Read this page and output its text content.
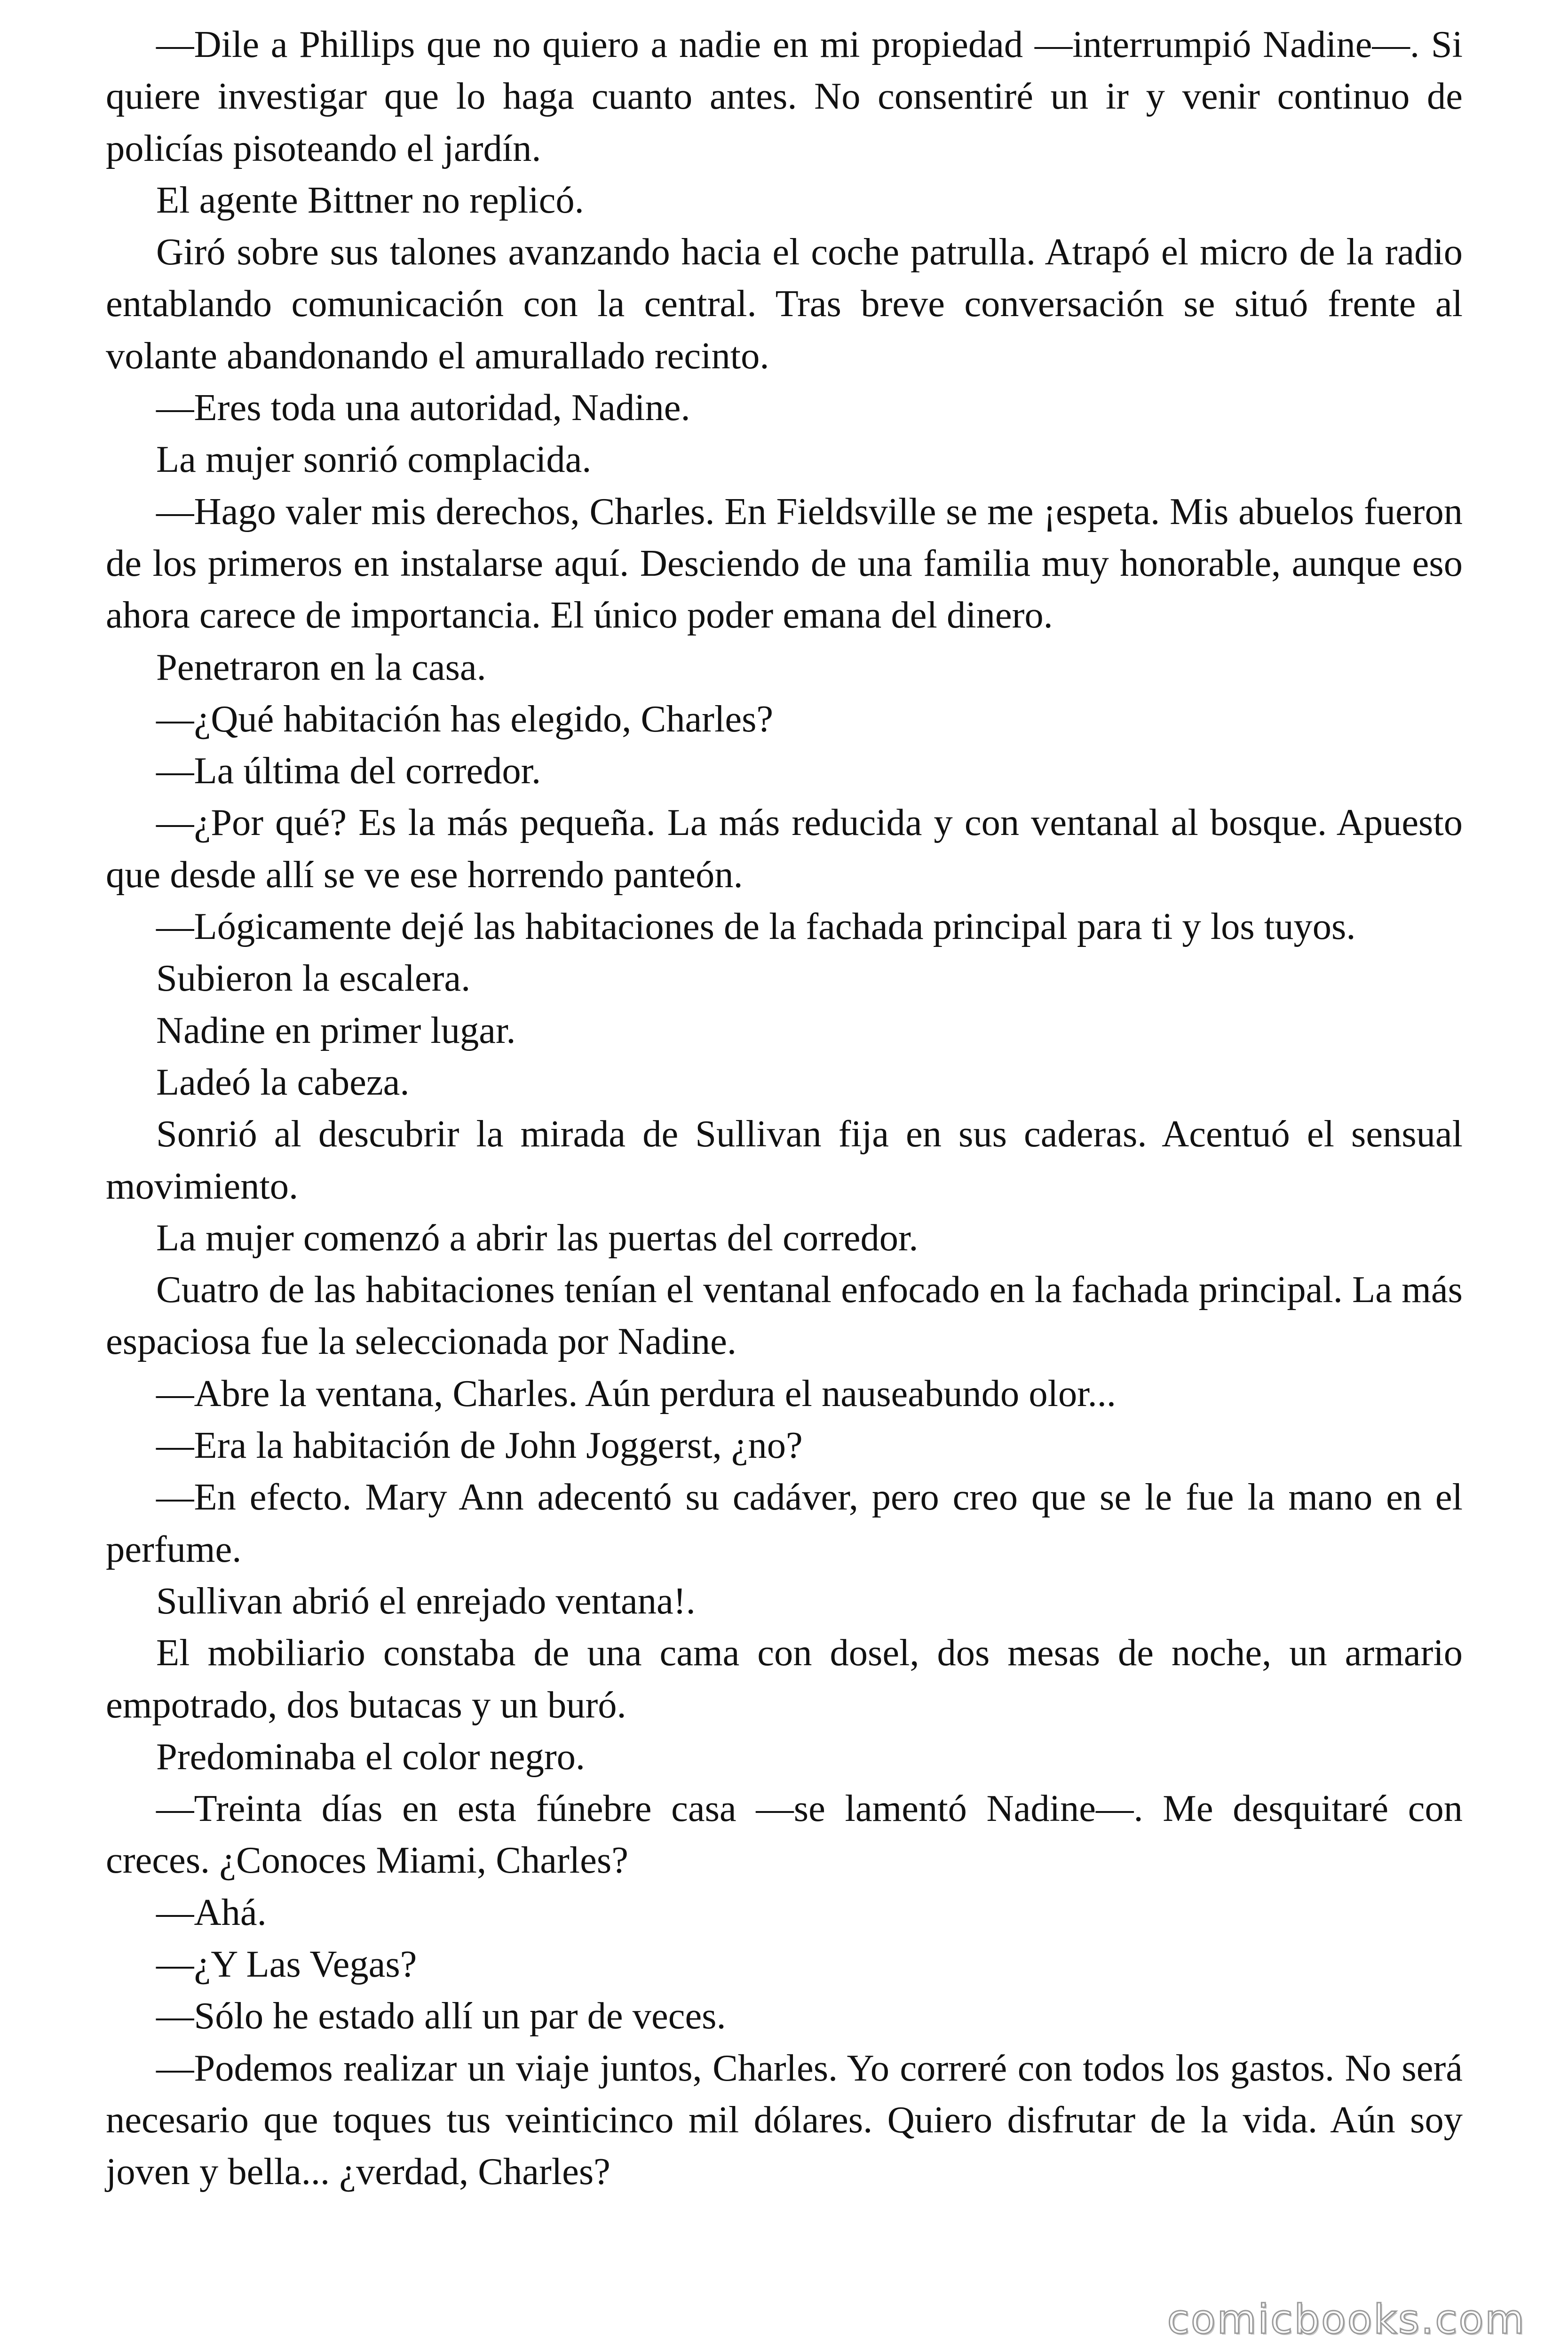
—Dile a Phillips que no quiero a nadie en mi propiedad —interrumpió Nadine—. Si quiere investigar que lo haga cuanto antes. No consentiré un ir y venir continuo de policías pisoteando el jardín.

El agente Bittner no replicó.

Giró sobre sus talones avanzando hacia el coche patrulla. Atrapó el micro de la radio entablando comunicación con la central. Tras breve conversación se situó frente al volante abandonando el amurallado recinto.

—Eres toda una autoridad, Nadine.

La mujer sonrió complacida.

—Hago valer mis derechos, Charles. En Fieldsville se me ¡espeta. Mis abuelos fueron de los primeros en instalarse aquí. Desciendo de una familia muy honorable, aunque eso ahora carece de importancia. El único poder emana del dinero.

Penetraron en la casa.

—¿Qué habitación has elegido, Charles?

—La última del corredor.

—¿Por qué? Es la más pequeña. La más reducida y con ventanal al bosque. Apuesto que desde allí se ve ese horrendo panteón.

—Lógicamente dejé las habitaciones de la fachada principal para ti y los tuyos.

Subieron la escalera.

Nadine en primer lugar.

Ladeó la cabeza.

Sonrió al descubrir la mirada de Sullivan fija en sus caderas. Acentuó el sensual movimiento.

La mujer comenzó a abrir las puertas del corredor.

Cuatro de las habitaciones tenían el ventanal enfocado en la fachada principal. La más espaciosa fue la seleccionada por Nadine.

—Abre la ventana, Charles. Aún perdura el nauseabundo olor...

—Era la habitación de John Joggerst, ¿no?

—En efecto. Mary Ann adecentó su cadáver, pero creo que se le fue la mano en el perfume.

Sullivan abrió el enrejado ventana!.

El mobiliario constaba de una cama con dosel, dos mesas de noche, un armario empotrado, dos butacas y un buró.

Predominaba el color negro.

—Treinta días en esta fúnebre casa —se lamentó Nadine—. Me desquitaré con creces. ¿Conoces Miami, Charles?

—Ahá.

—¿Y Las Vegas?

—Sólo he estado allí un par de veces.

—Podemos realizar un viaje juntos, Charles. Yo correré con todos los gastos. No será necesario que toques tus veinticinco mil dólares. Quiero disfrutar de la vida. Aún soy joven y bella... ¿verdad, Charles?

comicbooks.com
